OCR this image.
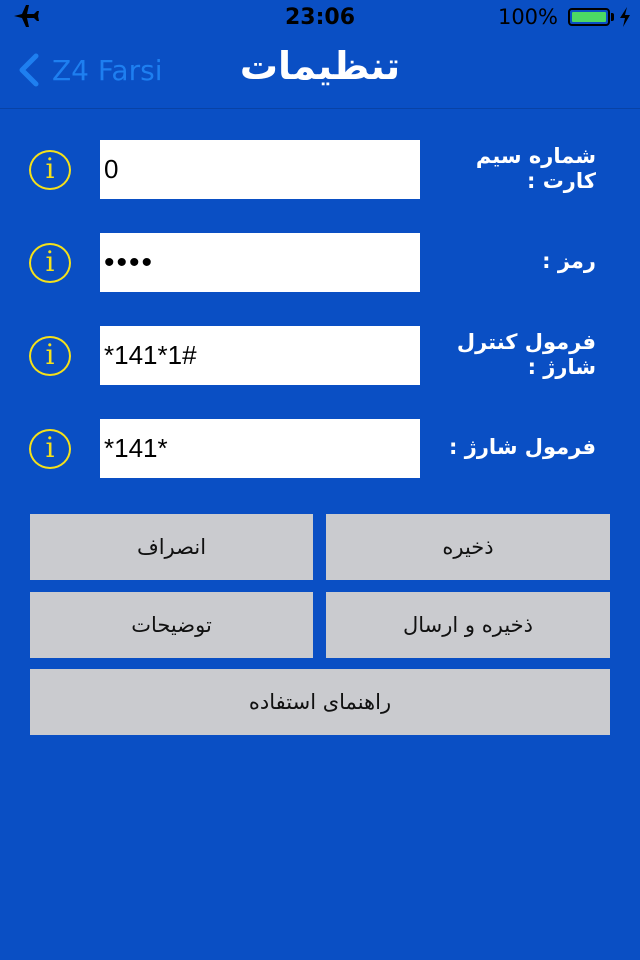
23:06	100%
Z4 Farsi	تنظیمات
i	0	شماره سیم کارت :
i	••••	رمز :
i	*141*1#	فرمول کنترل شارژ :
i	*141*	فرمول شارژ :
انصراف	ذخیره
توضیحات	ذخیره و ارسال
راهنمای استفاده
